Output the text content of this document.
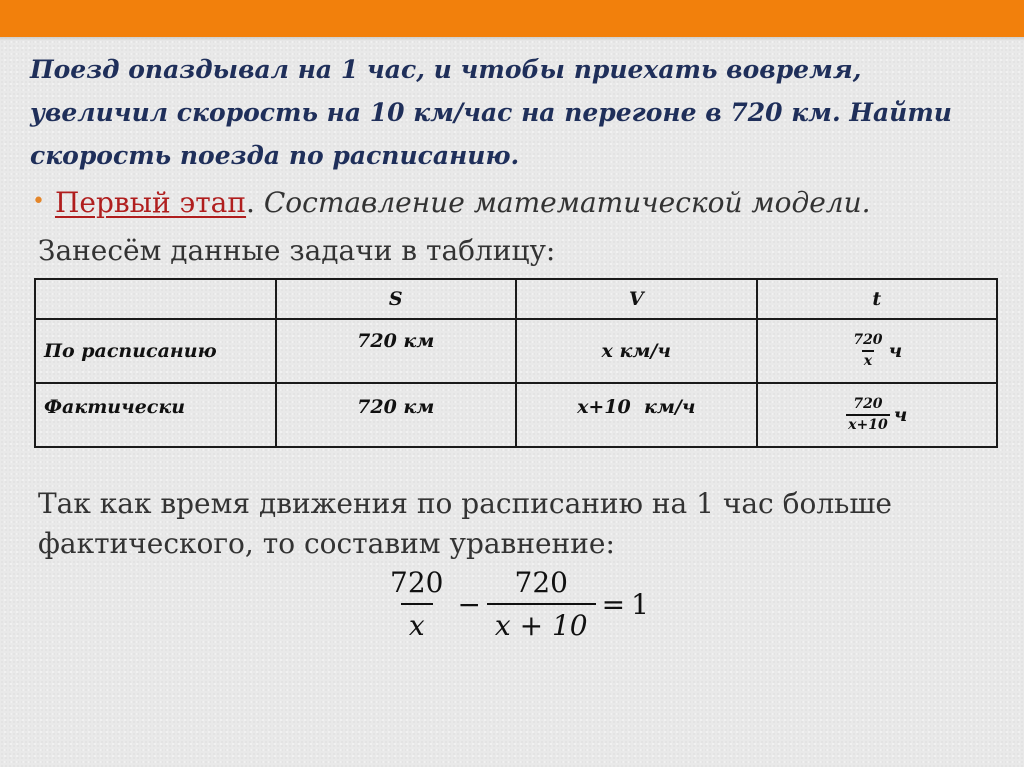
Поезд опаздывал на 1 час, и чтобы приехать вовремя,
увеличил скорость на 10 км/час на перегоне в 720 км. Найти
скорость поезда по расписанию.
• Первый этап. Составление математической модели.
Занесём данные задачи в таблицу:
	S	V	t

По расписанию	720 км	x км/ч	$\frac{720}{x}$ ч

Фактически	720 км	x+10  км/ч	$\frac{720}{x+10}$ ч
Так как время движения по расписанию на 1 час больше
фактического, то составим уравнение:
$\frac{720}{x} - \frac{720}{x + 10} = 1$
